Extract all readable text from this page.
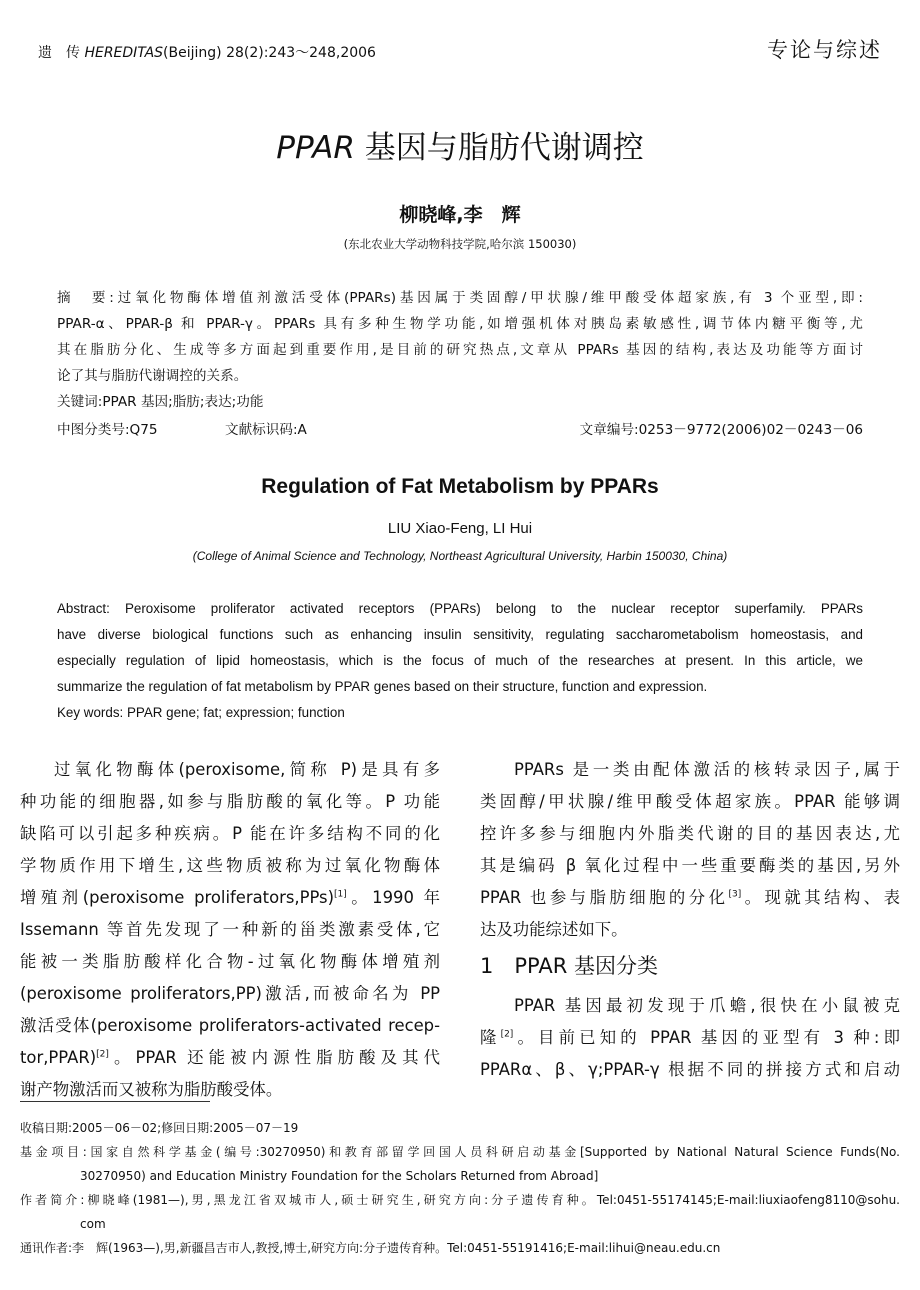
遗　传 HEREDITAS(Beijing) 28(2):243～248,2006	专论与综述
PPAR 基因与脂肪代谢调控
柳晓峰,李　辉
(东北农业大学动物科技学院,哈尔滨 150030)
摘　要:过氧化物酶体增值剂激活受体(PPARs)基因属于类固醇/甲状腺/维甲酸受体超家族,有 3 个亚型,即:
PPAR-α、PPAR-β 和 PPAR-γ。PPARs 具有多种生物学功能,如增强机体对胰岛素敏感性,调节体内糖平衡等,尤
其在脂肪分化、生成等多方面起到重要作用,是目前的研究热点,文章从 PPARs 基因的结构,表达及功能等方面讨
论了其与脂肪代谢调控的关系。
关键词:PPAR 基因;脂肪;表达;功能
中图分类号:Q75	文献标识码:A	文章编号:0253－9772(2006)02－0243－06
Regulation of Fat Metabolism by PPARs
LIU Xiao-Feng, LI Hui
(College of Animal Science and Technology, Northeast Agricultural University, Harbin 150030, China)
Abstract: Peroxisome proliferator activated receptors (PPARs) belong to the nuclear receptor superfamily. PPARs
have diverse biological functions such as enhancing insulin sensitivity, regulating saccharometabolism homeostasis, and
especially regulation of lipid homeostasis, which is the focus of much of the researches at present. In this article, we
summarize the regulation of fat metabolism by PPAR genes based on their structure, function and expression.
Key words: PPAR gene; fat; expression; function
过氧化物酶体(peroxisome,简称 P)是具有多
种功能的细胞器,如参与脂肪酸的氧化等。P 功能
缺陷可以引起多种疾病。P 能在许多结构不同的化
学物质作用下增生,这些物质被称为过氧化物酶体
增殖剂(peroxisome proliferators,PPs)[1]。1990 年
Issemann 等首先发现了一种新的甾类激素受体,它
能被一类脂肪酸样化合物-过氧化物酶体增殖剂
(peroxisome proliferators,PP)激活,而被命名为 PP
激活受体(peroxisome proliferators-activated recep-
tor,PPAR)[2]。PPAR 还能被内源性脂肪酸及其代
谢产物激活而又被称为脂肪酸受体。
PPARs 是一类由配体激活的核转录因子,属于
类固醇/甲状腺/维甲酸受体超家族。PPAR 能够调
控许多参与细胞内外脂类代谢的目的基因表达,尤
其是编码 β 氧化过程中一些重要酶类的基因,另外
PPAR 也参与脂肪细胞的分化[3]。现就其结构、表
达及功能综述如下。
1　PPAR 基因分类
PPAR 基因最初发现于爪蟾,很快在小鼠被克
隆[2]。目前已知的 PPAR 基因的亚型有 3 种:即
PPARα、β、γ;PPAR-γ 根据不同的拼接方式和启动
收稿日期:2005－06－02;修回日期:2005－07－19
基金项目:国家自然科学基金(编号:30270950)和教育部留学回国人员科研启动基金[Supported by National Natural Science Funds(No.
　　　　　30270950) and Education Ministry Foundation for the Scholars Returned from Abroad]
作者简介:柳晓峰(1981—),男,黑龙江省双城市人,硕士研究生,研究方向:分子遗传育种。Tel:0451-55174145;E-mail:liuxiaofeng8110@sohu.
　　　　　com
通讯作者:李　辉(1963—),男,新疆昌吉市人,教授,博士,研究方向:分子遗传育种。Tel:0451-55191416;E-mail:lihui@neau.edu.cn
